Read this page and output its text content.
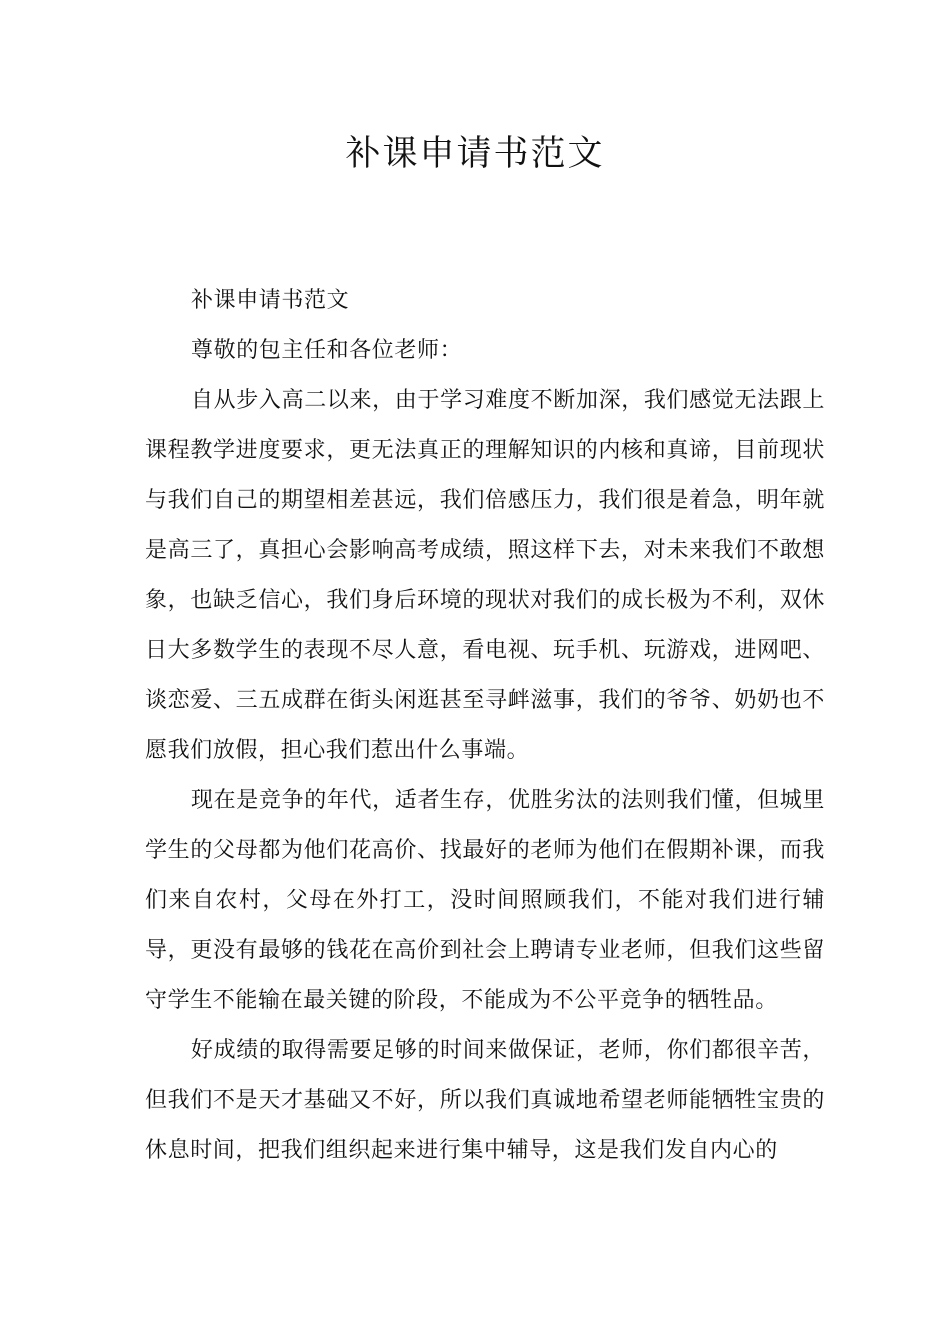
补课申请书范文

补课申请书范文

尊敬的包主任和各位老师：

自从步入高二以来，由于学习难度不断加深，我们感觉无法跟上课程教学进度要求，更无法真正的理解知识的内核和真谛，目前现状与我们自己的期望相差甚远，我们倍感压力，我们很是着急，明年就是高三了，真担心会影响高考成绩，照这样下去，对未来我们不敢想象，也缺乏信心，我们身后环境的现状对我们的成长极为不利，双休日大多数学生的表现不尽人意，看电视、玩手机、玩游戏，进网吧、谈恋爱、三五成群在街头闲逛甚至寻衅滋事，我们的爷爷、奶奶也不愿我们放假，担心我们惹出什么事端。

现在是竞争的年代，适者生存，优胜劣汰的法则我们懂，但城里学生的父母都为他们花高价、找最好的老师为他们在假期补课，而我们来自农村，父母在外打工，没时间照顾我们，不能对我们进行辅导，更没有最够的钱花在高价到社会上聘请专业老师，但我们这些留守学生不能输在最关键的阶段，不能成为不公平竞争的牺牲品。

好成绩的取得需要足够的时间来做保证，老师，你们都很辛苦，但我们不是天才基础又不好，所以我们真诚地希望老师能牺牲宝贵的休息时间，把我们组织起来进行集中辅导，这是我们发自内心的
